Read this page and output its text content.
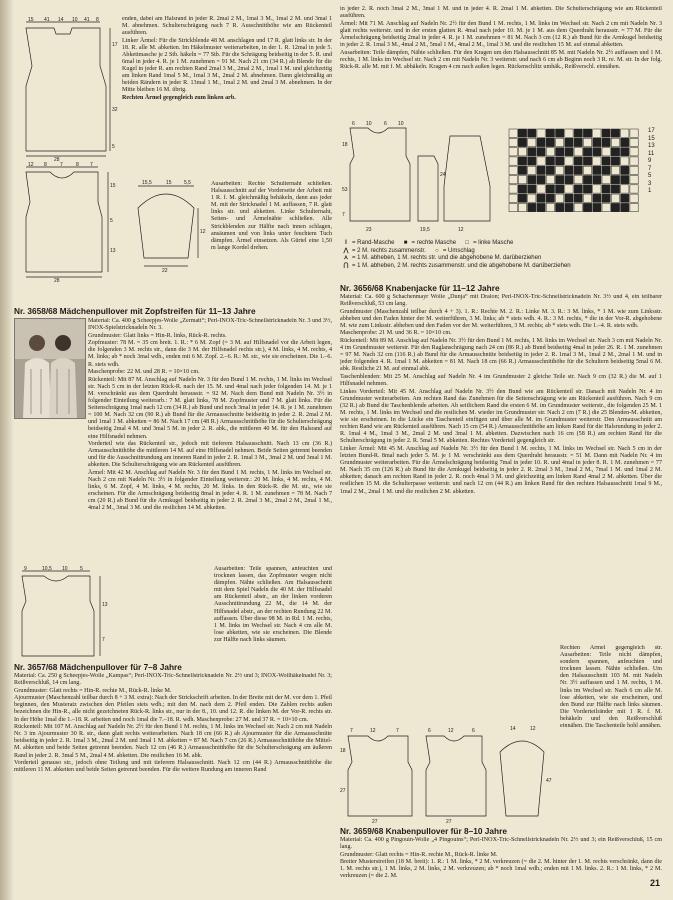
15 41 14 10 41 8
17
32
5
28
12 8	7	8 7
15
5
13
28
15,5	15 5,5
12
22

enden, dabei am Halsrand in jeder R. 2mal 2 M., 1mal 3 M., 1mal 2 M. und 3mal 1 M. abnehmen. Schulterschrägung nach 7 R. Ausschnitthöhe wie am Rückenteil ausführen.

Linker Ärmel: Für die Strickblende 48 M. anschlagen und 17 R. glatt links str. In der 18. R. alle M. abketten. Im Häkelmuster weiterarbeiten, in der 1. R. 12mal in jede 5. Abkettmasche je 2 Stb. häkeln = 77 Stb. Für die Schrägung beidseitig in der 5. R. und 6mal in jeder 4. R. je 1 M. zunehmen = 91 M. Nach 21 cm (34 R.) ab Blende für die Kugel in jeder R. am rechten Rand 2mal 3 M., 2mal 2 M., 1mal 1 M. und gleichzeitig am linken Rand 1mal 5 M., 1mal 3 M., 2mal 2 M. abnehmen. Dann gleichmäßig an beiden Rändern in jeder R. 13mal 1 M., 1mal 2 M. und 2mal 3 M. abnehmen. In der Mitte bleiben 16 M. übrig.

Rechten Ärmel gegengleich zum linken arb.

Ausarbeiten: Rechte Schulternaht schließen. Halsausschnitt auf der Vorderseite der Arbeit mit 1 R. f. M. gleichmäßig behäkeln, dann aus jeder M. mit der Stricknadel 1 M. auffassen, 7 R. glatt links str. und abketten. Linke Schulternaht, Seiten- und Ärmelnähte schließen. Alle Strickblenden zur Hälfte nach innen schlagen, ansäumen und von links unter feuchtem Tuch dämpfen. Ärmel einsetzen. Als Gürtel eine 1,50 m lange Kordel drehen.

Nr. 3658/68 Mädchenpullover mit Zopfstreifen für 11–13 Jahre

Material: Ca. 400 g Scheepjes-Wolle „Zermatt“; Perl-INOX-Tric-Schnellstricknadeln Nr. 3 und 3½, INOX-Spielstricknadeln Nr. 3.

Grundmuster: Glatt links = Hin-R. links, Rück-R. rechts.

Zopfmuster: 78 M. = 35 cm breit. 1. R.: * 6 M. Zopf (= 3 M. auf Hilfsnadel vor die Arbeit legen, die folgenden 3 M. rechts str., dann die 3 M. der Hilfsnadel rechts str.), 4 M. links, 4 M. rechts, 4 M. links; ab * noch 3mal wdh., enden mit 6 M. Zopf. 2.–6. R.: M. str., wie sie erscheinen. Die 1.–6. R. stets wdh.

Maschenprobe: 22 M. und 28 R. = 10×10 cm.

Rückenteil: Mit 87 M. Anschlag auf Nadeln Nr. 3 für den Bund 1 M. rechts, 1 M. links im Wechsel str. Nach 5 cm in der letzten Rück-R. nach der 15. M. und 4mal nach jeder folgenden 14. M. je 1 M. verschränkt aus dem Querdraht herausstr. = 92 M. Nach dem Bund mit Nadeln Nr. 3½ in folgender Einteilung weiterarb.: 7 M. glatt links, 78 M. Zopfmuster und 7 M. glatt links. Für die Seitenschrägung 1mal nach 12 cm (34 R.) ab Bund und noch 3mal in jeder 14. R. je 1 M. zunehmen = 100 M. Nach 32 cm (90 R.) ab Bund für die Armausschnitte beidseitig in jeder 2. R. 2mal 2 M. und 1mal 1 M. abketten = 86 M. Nach 17 cm (48 R.) Armausschnitthöhe für die Schulterschrägung beidseitig 2mal 4 M. und 3mal 5 M. in jeder 2. R. abk., die mittleren 40 M. für den Halsrand auf eine Hilfsnadel nehmen.

Vorderteil wie das Rückenteil str., jedoch mit tieferem Halsausschnitt. Nach 13 cm (36 R.) Armausschnitthöhe die mittleren 14 M. auf eine Hilfsnadel nehmen. Beide Seiten getrennt beenden und für die Ausschnittrundung am inneren Rand in jeder 2. R. 1mal 3 M., 3mal 2 M. und 3mal 1 M. abketten. Die Schulterschrägung wie am Rückenteil ausführen.

Ärmel: Mit 42 M. Anschlag auf Nadeln Nr. 3 für den Bund 1 M. rechts, 1 M. links im Wechsel str. Nach 2 cm mit Nadeln Nr. 3½ in folgender Einteilung weiterstr.: 20 M. links, 4 M. rechts, 4 M. links, 6 M. Zopf, 4 M. links, 4 M. rechts, 20 M. links. In den Rück-R. die M. str., wie sie erscheinen. Für die Armschrägung beidseitig 8mal in jeder 4. R. 1 M. zunehmen = 78 M. Nach 7 cm (20 R.) ab Bund für die Armkugel beidseitig in jeder 2. R. 2mal 3 M., 2mal 2 M., 2mal 1 M., 4mal 2 M., 3mal 3 M. und die restlichen 14 M. abketten.

9	10,5 10 5
13
7

Ausarbeiten: Teile spannen, anfeuchten und trocknen lassen, das Zopfmuster wegen nicht dämpfen. Nähte schließen. Am Halsausschnitt mit dem Spiel Nadeln die 40 M. der Hilfsnadel am Rückenteil abstr., an der linken vorderen Ausschnittrundung 22 M., die 14 M. der Hilfsnadel abstr., an der rechten Rundung 22 M. auffassen. Über diese 98 M. in Rd. 1 M. rechts, 1 M. links im Wechsel str. Nach 4 cm alle M. lose abketten, wie sie erscheinen. Die Blende zur Hälfte nach links säumen.

Nr. 3657/68 Mädchenpullover für 7–8 Jahre

Material: Ca. 250 g Scheepjes-Wolle „Kampas“; Perl-INOX-Tric-Schnellstricknadeln Nr. 2½ und 3; INOX-Wollhäkelnadel Nr. 3; Reißverschluß, 14 cm lang.

Grundmuster: Glatt rechts = Hin-R. rechte M., Rück-R. linke M.

Ajourmuster (Maschenzahl teilbar durch 8 + 3 M. extra): Nach der Strickschrift arbeiten. In der Breite mit der M. vor dem 1. Pfeil beginnen, den Musteratz zwischen den Pfeilen stets wdh.; mit den M. nach dem 2. Pfeil enden. Die Zahlen rechts außen bezeichnen die Hin-R., alle nicht gezeichneten Rück-R. links str., nur in der 8., 10. und 12. R. die linken M. der Vor-R. rechts str. In der Höhe 1mal die 1.–18. R. arbeiten und noch 1mal die 7.–18. R. wdh. Maschenprobe: 27 M. und 37 R. = 10×10 cm.

Rückenteil: Mit 107 M. Anschlag auf Nadeln Nr. 2½ für den Bund 1 M. rechts, 1 M. links im Wechsel str. Nach 2 cm mit Nadeln Nr. 3 im Ajourmuster 30 R. str., dann glatt rechts weiterarbeiten. Nach 18 cm (66 R.) ab Ajourmuster für die Armausschnitte beidseitig in jeder 2. R. 1mal 3 M., 2mal 2 M. und 3mal 1 M. abketten = 87 M. Nach 7 cm (26 R.) Armausschnitthöhe die Mittel-M. abketten und beide Seiten getrennt beenden. Nach 12 cm (46 R.) Armausschnitthöhe für die Schulterschrägung am äußeren Rand in jeder 2. R. 3mal 5 M., 2mal 4 M. abketten. Die restlichen 16 M. abk.

Vorderteil genauso str., jedoch ohne Teilung und mit tieferem Halsausschnitt. Nach 12 cm (44 R.) Armausschnitthöhe die mittleren 11 M. abketten und beide Seiten getrennt beenden. Für die weitere Rundung am inneren Rand

in jeder 2. R. noch 3mal 2 M., 3mal 1 M. und in jeder 4. R. 2mal 1 M. abketten. Die Schulterschrägung wie am Rückenteil ausführen.

Ärmel: Mit 71 M. Anschlag auf Nadeln Nr. 2½ für den Bund 1 M. rechts, 1 M. links im Wechsel str. Nach 2 cm mit Nadeln Nr. 3 glatt rechts weiterstr. und in der ersten glatten R. 4mal nach jeder 10. M. je 1 M. aus dem Querdraht herausstr. = 77 M. Für die Ärmelschrägung beidseitig 2mal in jeder 4. R. je 1 M. zunehmen = 81 M. Nach 3 cm (12 R.) ab Bund für die Armkugel beidseitig in jeder 2. R. 1mal 3 M., 4mal 2 M., 5mal 1 M., 4mal 2 M., 1mal 3 M. und die restlichen 15 M. auf einmal abketten.

Ausarbeiten: Teile dämpfen, Nähte schließen. Für den Kragen um den Halsausschnitt 85 M. mit Nadeln Nr. 2½ auffassen und 1 M. rechts, 1 M. links im Wechsel str. Nach 2 cm mit Nadeln Nr. 3 weiterstr. und nach 6 cm ab Beginn noch 3 R. re. M. str. In der folg. Rück-R. alle M. mit f. M. abhäkeln. Kragen 4 cm nach außen legen. Rückenschlitz umhäk., Reißverschl. einnähen.

6 10 6 10
18
53
24
7
23	19,5	12
17
15
13
11
9
7
5
3
1
I = Rand-Masche ■ = rechte Masche □ = linke Masche
⋀ = 2 M. rechts zusammenstr. ○ = Umschlag
⋏ = 1 M. abheben, 1 M. rechts str. und die abgehobene M. darüberziehen
⋂ = 1 M. abheben, 2 M. rechts zusammenstr. und die abgehobene M. darüberziehen
Nr. 3656/68 Knabenjacke für 11–12 Jahre

Material: Ca. 600 g Schachenmayr Wolle „Dunja“ mit Dralon; Perl-INOX-Tric-Schnellstricknadeln Nr. 3½ und 4, ein teilbarer Reißverschluß, 53 cm lang.

Grundmuster (Maschenzahl teilbar durch 4 + 3). 1. R.: Rechte M. 2. R.: Linke M. 3. R.: 3 M. links, * 1 M. wie zum Linksstr. abheben und den Faden hinter der M. weiterführen, 3 M. links; ab * stets wdh. 4. R.: 3 M. rechts, * die in der Vor-R. abgehobene M. wie zum Linksstr. abheben und den Faden vor der M. weiterführen, 3 M. rechts; ab * stets wdh. Die 1.–4. R. stets wdh.

Maschenprobe: 21 M. und 36 R. = 10×10 cm.

Rückenteil: Mit 89 M. Anschlag auf Nadeln Nr. 3½ für den Bund 1 M. rechts, 1 M. links im Wechsel str. Nach 3 cm mit Nadeln Nr. 4 im Grundmuster weiterstr. Für den Raglanschrägung nach 24 cm (86 R.) ab Bund beidseitig 4mal in jeder 26. R. 1 M. zunehmen = 97 M. Nach 32 cm (116 R.) ab Bund für die Armausschnitte beidseitig in jeder 2. R. 1mal 3 M., 1mal 2 M., 2mal 1 M. und in jeder folgenden 4. R. 1mal 1 M. abketten = 81 M. Nach 18 cm (66 R.) Armausschnitthöhe für die Schultern beidseitig 5mal 6 M. abk. Restliche 21 M. auf einmal abk.

Taschenblenden: Mit 25 M. Anschlag auf Nadeln Nr. 4 im Grundmuster 2 gleiche Teile str. Nach 9 cm (32 R.) die M. auf 1 Hilfsnadel nehmen.

Linkes Vorderteil: Mit 45 M. Anschlag auf Nadeln Nr. 3½ den Bund wie am Rückenteil str. Danach mit Nadeln Nr. 4 im Grundmuster weiterarbeiten. Am rechten Rand das Zunehmen für die Seitenschrägung wie am Rückenteil ausführen. Nach 9 cm (32 R.) ab Bund die Taschenblende arbeiten. Ab seitlichem Rand die ersten 6 M. im Grundmuster weiterstr., die folgenden 25 M. 1 M. rechts, 1 M. links im Wechsel und die restlichen M. wieder im Grundmuster str. Nach 2 cm (7 R.) die 25 Blenden-M. abketten, wie sie erscheinen. In die Lücke ein Taschenteil einfügen und über alle M. im Grundmuster weiterstr. Den Armausschnitt am rechten Rand wie am Rückenteil ausführen. Nach 15 cm (54 R.) Armausschnitthöhe am linken Rand für die Halsrundung in jeder 2. R. 1mal 4 M., 1mal 3 M., 2mal 2 M. und 3mal 1 M. abketten. Dazwischen nach 16 cm (58 R.) am rechten Rand für die Schulterschrägung in jeder 2. R. 5mal 5 M. abketten. Rechtes Vorderteil gegengleich str.

Linker Ärmel: Mit 45 M. Anschlag auf Nadeln Nr. 3½ für den Bund 1 M. rechts, 1 M. links im Wechsel str. Nach 5 cm in der letzten Bund-R. 8mal nach jeder 5. M. je 1 M. verschränkt aus dem Querdraht herausstr. = 51 M. Dann mit Nadeln Nr. 4 im Grundmuster weiterarbeiten. Für die Ärmelschrägung beidseitig 7mal in jeder 10. R. und 4mal in jeder 8. R. 1 M. zunehmen = 77 M. Nach 35 cm (126 R.) ab Bund für die Armkugel beidseitig in jeder 2. R. 2mal 3 M., 3mal 2 M., 7mal 1 M. und 1mal 2 M. abketten; danach am rechten Rand in jeder 2. R. noch 4mal 3 M. und gleichzeitig am linken Rand 4mal 2 M. abketten. Über die restlichen 15 M. die Schulterpasse weiterstr. und nach 12 cm (44 R.) am linken Rand für den rechten Halsausschnitt 1mal 9 M., 1mal 2 M., 2mal 1 M. und die restlichen 2 M. abketten.

7	12	7	6	12	6
18
27
47
27	27
14	12

Rechten Ärmel gegengleich str. Ausarbeiten: Teile nicht dämpfen, sondern spannen, anfeuchten und trocknen lassen. Nähte schließen. Um den Halsausschnitt 103 M. mit Nadeln Nr. 3½ auffassen und 1 M. rechts, 1 M. links im Wechsel str. Nach 6 cm alle M. lose abketten, wie sie erscheinen, und den Bund zur Hälfte nach links säumen. Die Vorderteilränder mit 1 R. f. M. behäkeln und den Reißverschluß einnähen. Die Taschenteile hohl annähen.

Nr. 3659/68 Knabenpullover für 8–10 Jahre

Material: Ca. 400 g Pingouin-Wolle „4 Pingouins“; Perl-INOX-Tric-Schnellstricknadeln Nr. 2½ und 3; ein Reißverschluß, 15 cm lang.

Grundmuster: Glatt rechts = Hin-R. rechte M., Rück-R. linke M.

Breiter Musterstreifen (18 M. breit): 1. R.: 1 M. links, * 2 M. verkreuzen (= die 2. M. hinter der 1. M. rechts verschränkt, dann die 1. M. rechts str.), 1 M. links, 2 M. links, 2 M. verkreuzen; ab * noch 1mal wdh.; enden mit 1 M. links. 2. R.: 1 M. links, * 2 M. verkreuzen (= die 2. M.

21
